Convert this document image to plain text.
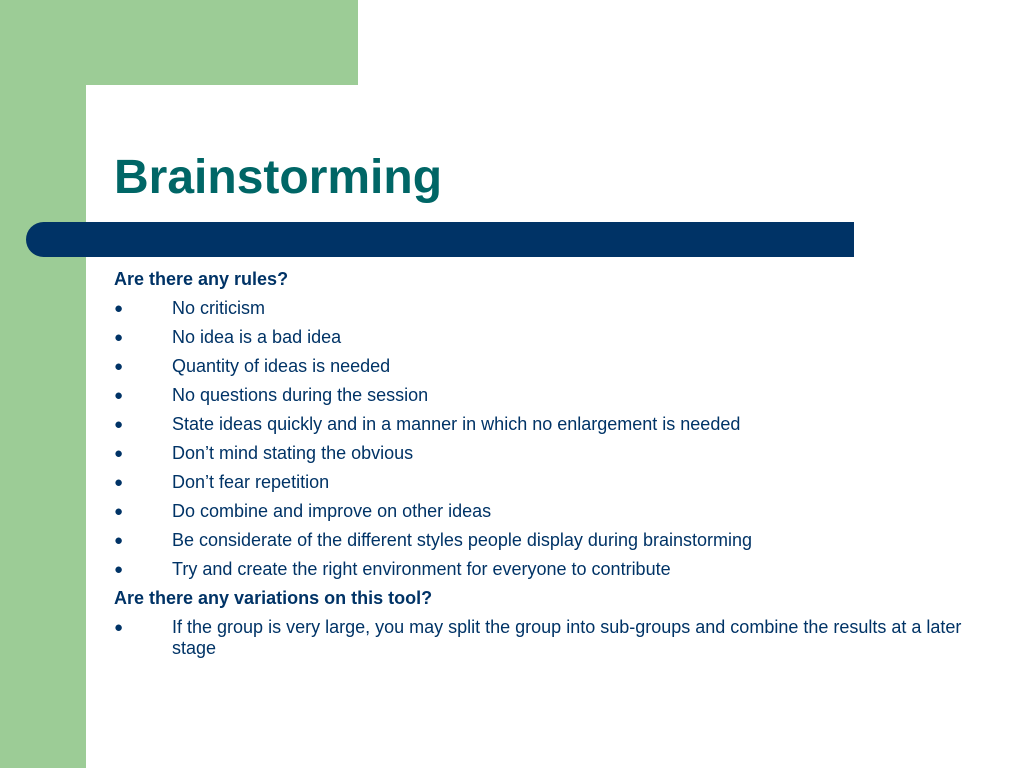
Brainstorming
Are there any rules?
●	No criticism
●	No idea is a bad idea
●	Quantity of ideas is needed
●	No questions during the session
●	State ideas quickly and in a manner in which no enlargement is needed
●	Don’t mind stating the obvious
●	Don’t fear repetition
●	Do combine and improve on other ideas
●	Be considerate of the different styles people display during brainstorming
●	Try and create the right environment for everyone to contribute
Are there any variations on this tool?
●	If the group is very large, you may split the group into sub-groups and combine the results at a later stage
